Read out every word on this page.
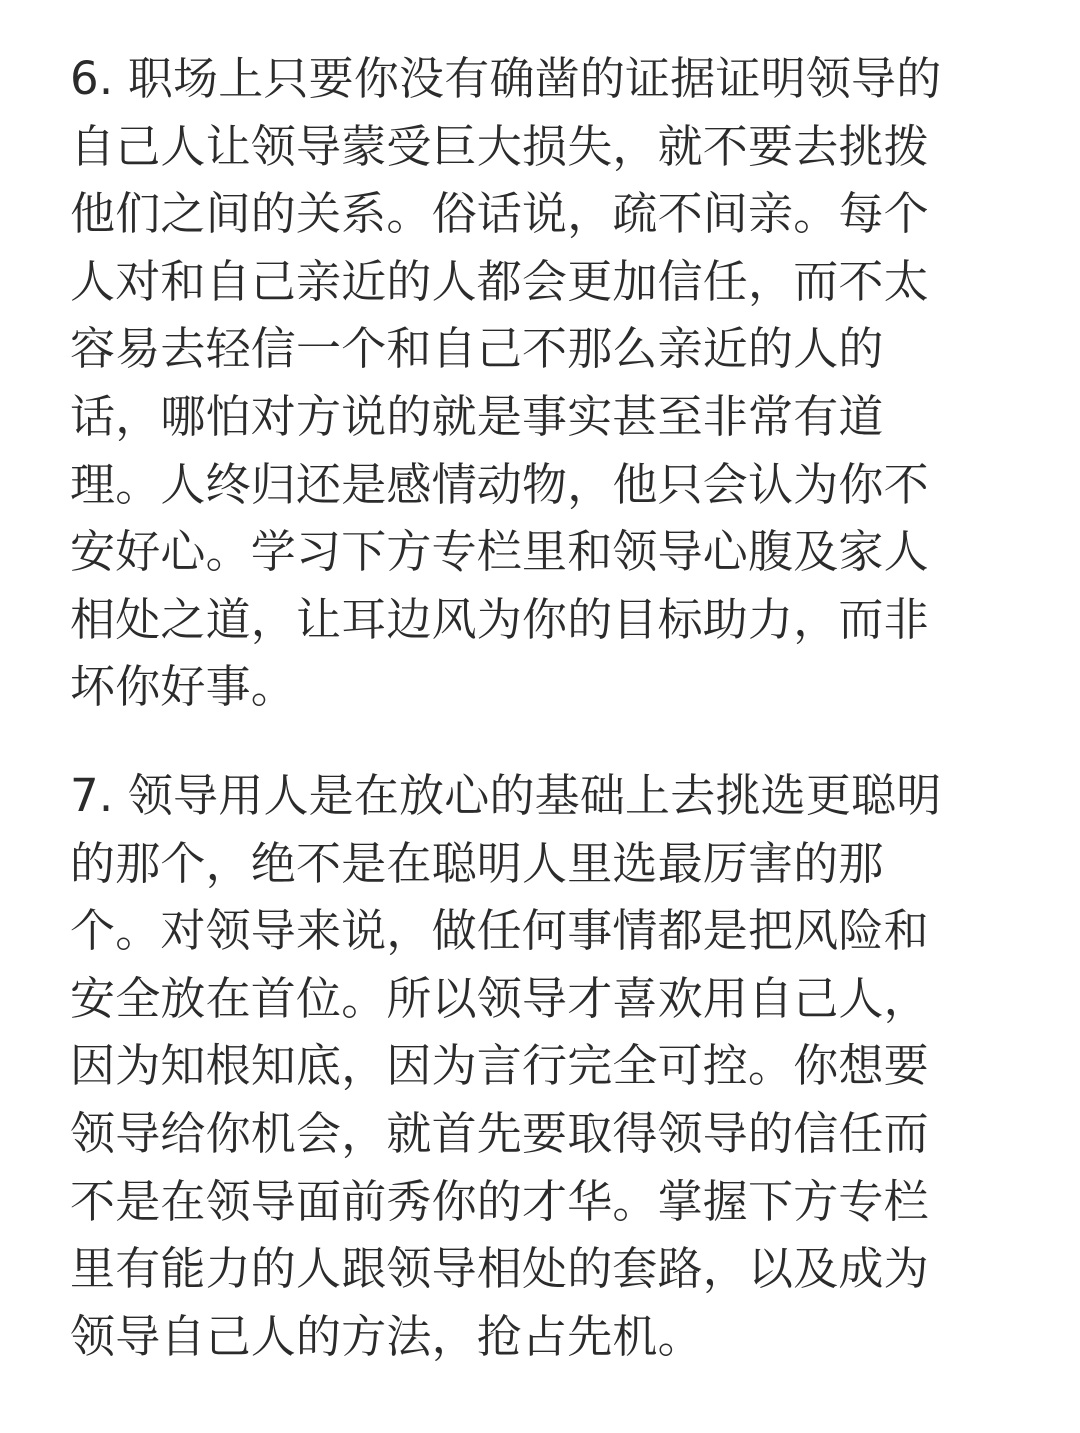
6. 职场上只要你没有确凿的证据证明领导的
自己人让领导蒙受巨大损失，就不要去挑拨
他们之间的关系。俗话说，疏不间亲。每个
人对和自己亲近的人都会更加信任，而不太
容易去轻信一个和自己不那么亲近的人的
话，哪怕对方说的就是事实甚至非常有道
理。人终归还是感情动物，他只会认为你不
安好心。学习下方专栏里和领导心腹及家人
相处之道，让耳边风为你的目标助力，而非
坏你好事。

7. 领导用人是在放心的基础上去挑选更聪明
的那个，绝不是在聪明人里选最厉害的那
个。对领导来说，做任何事情都是把风险和
安全放在首位。所以领导才喜欢用自己人，
因为知根知底，因为言行完全可控。你想要
领导给你机会，就首先要取得领导的信任而
不是在领导面前秀你的才华。掌握下方专栏
里有能力的人跟领导相处的套路，以及成为
领导自己人的方法，抢占先机。
